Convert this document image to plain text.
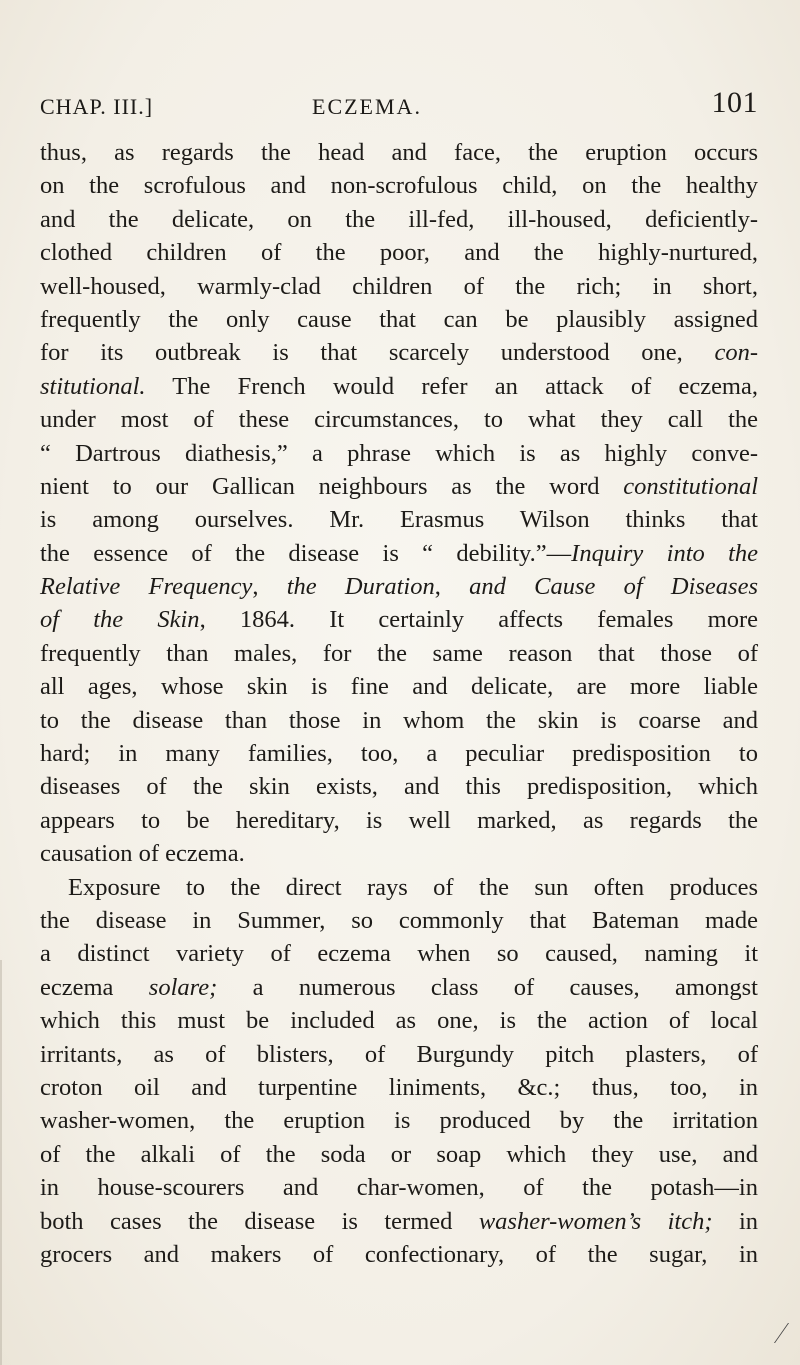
CHAP. III.]	ECZEMA.	101
thus, as regards the head and face, the eruption occurs
on the scrofulous and non-scrofulous child, on the healthy
and the delicate, on the ill-fed, ill-housed, deficiently-
clothed children of the poor, and the highly-nurtured,
well-housed, warmly-clad children of the rich; in short,
frequently the only cause that can be plausibly assigned
for its outbreak is that scarcely understood one, con-
stitutional. The French would refer an attack of eczema,
under most of these circumstances, to what they call the
“ Dartrous diathesis,” a phrase which is as highly conve-
nient to our Gallican neighbours as the word constitutional
is among ourselves. Mr. Erasmus Wilson thinks that
the essence of the disease is “ debility.”—Inquiry into the
Relative Frequency, the Duration, and Cause of Diseases
of the Skin, 1864. It certainly affects females more
frequently than males, for the same reason that those of
all ages, whose skin is fine and delicate, are more liable
to the disease than those in whom the skin is coarse and
hard; in many families, too, a peculiar predisposition to
diseases of the skin exists, and this predisposition, which
appears to be hereditary, is well marked, as regards the
causation of eczema.
Exposure to the direct rays of the sun often produces
the disease in Summer, so commonly that Bateman made
a distinct variety of eczema when so caused, naming it
eczema solare; a numerous class of causes, amongst
which this must be included as one, is the action of local
irritants, as of blisters, of Burgundy pitch plasters, of
croton oil and turpentine liniments, &c.; thus, too, in
washer-women, the eruption is produced by the irritation
of the alkali of the soda or soap which they use, and
in house-scourers and char-women, of the potash—in
both cases the disease is termed washer-women’s itch; in
grocers and makers of confectionary, of the sugar, in
